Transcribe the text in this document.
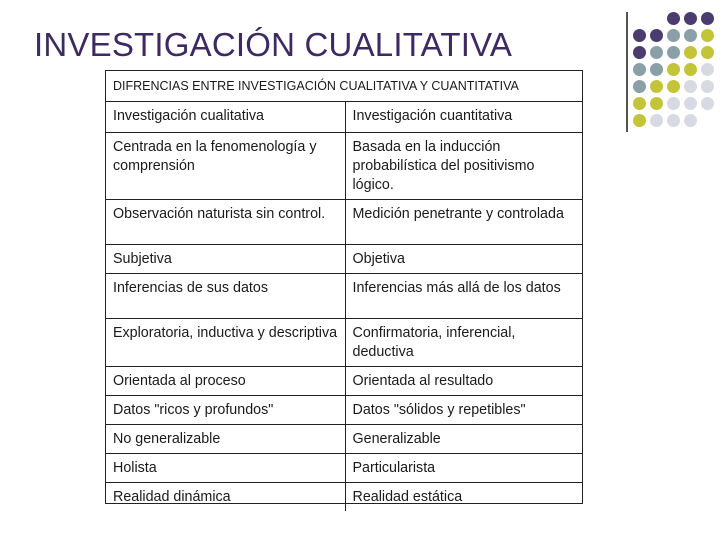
INVESTIGACIÓN CUALITATIVA
DIFRENCIAS ENTRE INVESTIGACIÓN CUALITATIVA Y CUANTITATIVA
Investigación cualitativa	Investigación cuantitativa
Centrada en la fenomenología y comprensión	Basada en la inducción probabilística del positivismo lógico.
Observación naturista sin control.	Medición penetrante y controlada
Subjetiva	Objetiva
Inferencias de sus datos	Inferencias más allá de los datos
Exploratoria, inductiva y descriptiva	Confirmatoria, inferencial, deductiva
Orientada al proceso	Orientada al resultado
Datos "ricos y profundos"	Datos "sólidos y repetibles"
No generalizable	Generalizable
Holista	Particularista
Realidad dinámica	Realidad estática
